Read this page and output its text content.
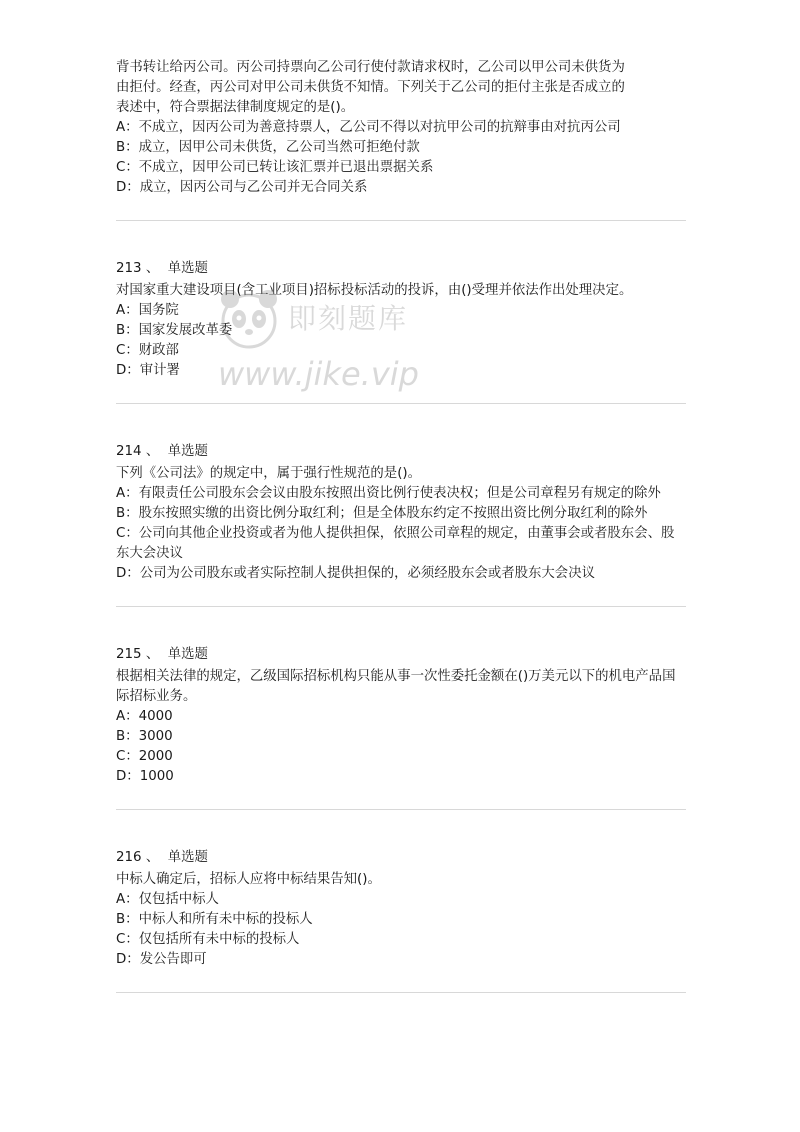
背书转让给丙公司。丙公司持票向乙公司行使付款请求权时，乙公司以甲公司未供货为
由拒付。经查，丙公司对甲公司未供货不知情。下列关于乙公司的拒付主张是否成立的
表述中，符合票据法律制度规定的是()。
A：不成立，因丙公司为善意持票人，乙公司不得以对抗甲公司的抗辩事由对抗丙公司
B：成立，因甲公司未供货，乙公司当然可拒绝付款
C：不成立，因甲公司已转让该汇票并已退出票据关系
D：成立，因丙公司与乙公司并无合同关系
213 、 单选题
对国家重大建设项目(含工业项目)招标投标活动的投诉，由()受理并依法作出处理决定。
A：国务院
B：国家发展改革委
C：财政部
D：审计署
214 、 单选题
下列《公司法》的规定中，属于强行性规范的是()。
A：有限责任公司股东会会议由股东按照出资比例行使表决权；但是公司章程另有规定的除外
B：股东按照实缴的出资比例分取红利；但是全体股东约定不按照出资比例分取红利的除外
C：公司向其他企业投资或者为他人提供担保，依照公司章程的规定，由董事会或者股东会、股东大会决议
D：公司为公司股东或者实际控制人提供担保的，必须经股东会或者股东大会决议
215 、 单选题
根据相关法律的规定，乙级国际招标机构只能从事一次性委托金额在()万美元以下的机电产品国际招标业务。
A：4000
B：3000
C：2000
D：1000
216 、 单选题
中标人确定后，招标人应将中标结果告知()。
A：仅包括中标人
B：中标人和所有未中标的投标人
C：仅包括所有未中标的投标人
D：发公告即可
即刻题库
www.jike.vip
